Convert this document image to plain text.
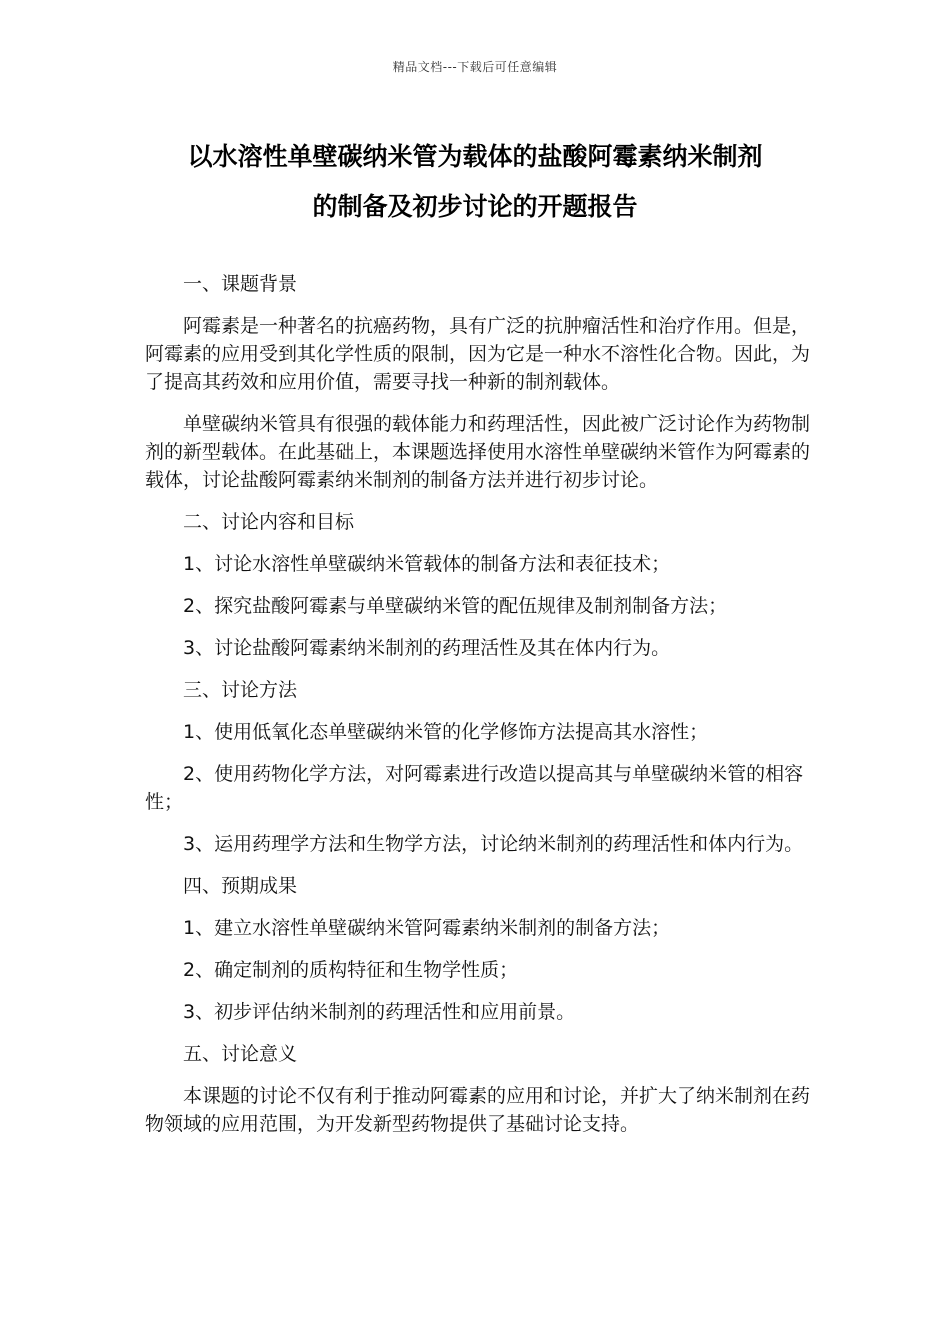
精品文档---下载后可任意编辑
以水溶性单壁碳纳米管为载体的盐酸阿霉素纳米制剂
的制备及初步讨论的开题报告

一、课题背景

阿霉素是一种著名的抗癌药物，具有广泛的抗肿瘤活性和治疗作用。但是，阿霉素的应用受到其化学性质的限制，因为它是一种水不溶性化合物。因此，为了提高其药效和应用价值，需要寻找一种新的制剂载体。

单壁碳纳米管具有很强的载体能力和药理活性，因此被广泛讨论作为药物制剂的新型载体。在此基础上，本课题选择使用水溶性单壁碳纳米管作为阿霉素的载体，讨论盐酸阿霉素纳米制剂的制备方法并进行初步讨论。

二、讨论内容和目标

1、讨论水溶性单壁碳纳米管载体的制备方法和表征技术；

2、探究盐酸阿霉素与单壁碳纳米管的配伍规律及制剂制备方法；

3、讨论盐酸阿霉素纳米制剂的药理活性及其在体内行为。

三、讨论方法

1、使用低氧化态单壁碳纳米管的化学修饰方法提高其水溶性；

2、使用药物化学方法，对阿霉素进行改造以提高其与单壁碳纳米管的相容性；

3、运用药理学方法和生物学方法，讨论纳米制剂的药理活性和体内行为。

四、预期成果

1、建立水溶性单壁碳纳米管阿霉素纳米制剂的制备方法；

2、确定制剂的质构特征和生物学性质；

3、初步评估纳米制剂的药理活性和应用前景。

五、讨论意义

本课题的讨论不仅有利于推动阿霉素的应用和讨论，并扩大了纳米制剂在药物领域的应用范围，为开发新型药物提供了基础讨论支持。
